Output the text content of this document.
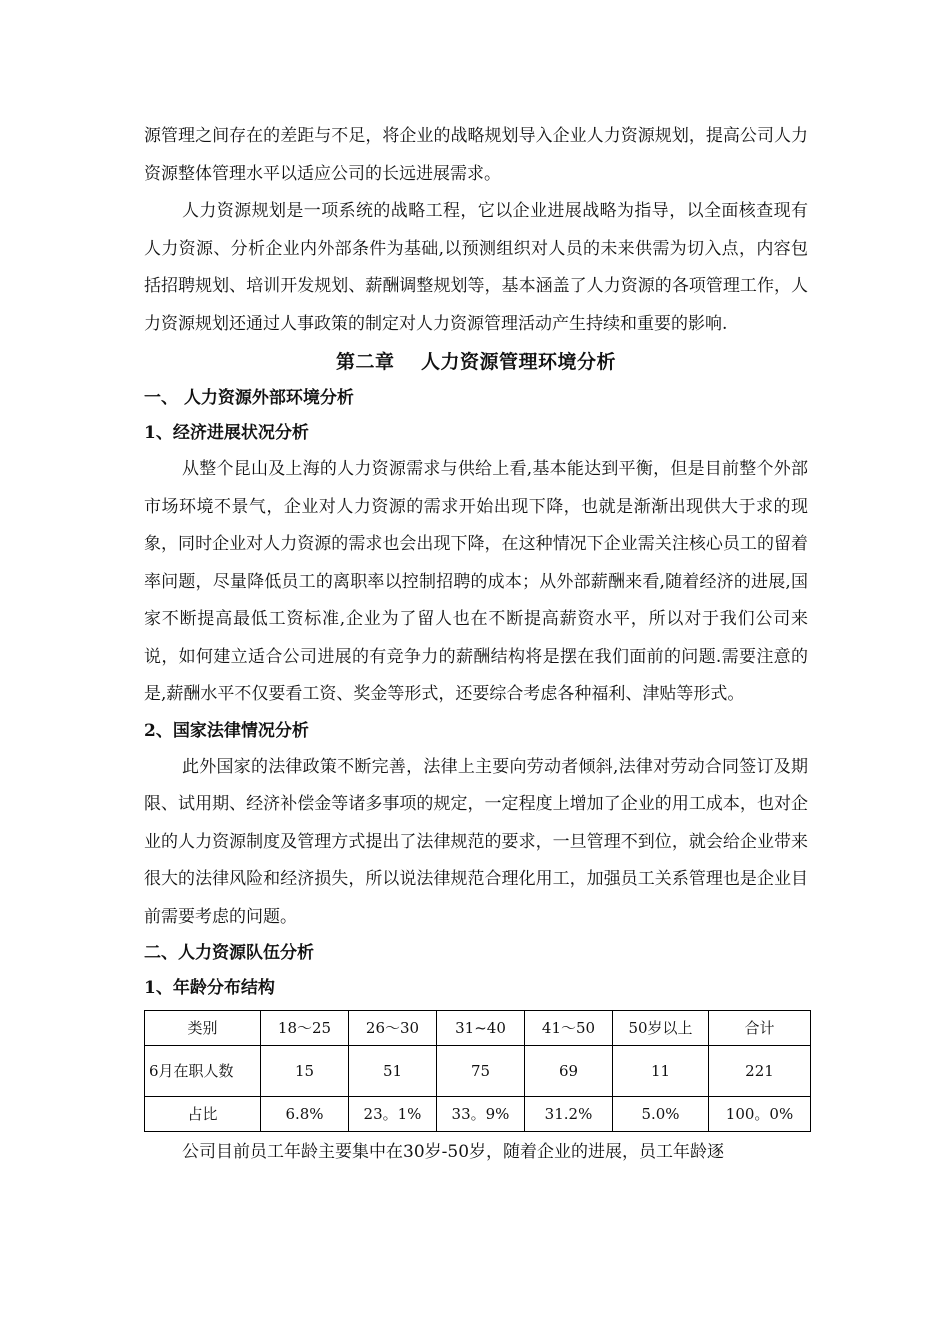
源管理之间存在的差距与不足，将企业的战略规划导入企业人力资源规划，提高公司人力资源整体管理水平以适应公司的长远进展需求。

人力资源规划是一项系统的战略工程，它以企业进展战略为指导，以全面核查现有人力资源、分析企业内外部条件为基础,以预测组织对人员的未来供需为切入点，内容包括招聘规划、培训开发规划、薪酬调整规划等，基本涵盖了人力资源的各项管理工作，人力资源规划还通过人事政策的制定对人力资源管理活动产生持续和重要的影响.

第二章　 人力资源管理环境分析
一、 人力资源外部环境分析
1、经济进展状况分析

从整个昆山及上海的人力资源需求与供给上看,基本能达到平衡，但是目前整个外部市场环境不景气，企业对人力资源的需求开始出现下降，也就是渐渐出现供大于求的现象，同时企业对人力资源的需求也会出现下降，在这种情况下企业需关注核心员工的留着率问题，尽量降低员工的离职率以控制招聘的成本；从外部薪酬来看,随着经济的进展,国家不断提高最低工资标准,企业为了留人也在不断提高薪资水平，所以对于我们公司来说，如何建立适合公司进展的有竞争力的薪酬结构将是摆在我们面前的问题.需要注意的是,薪酬水平不仅要看工资、奖金等形式，还要综合考虑各种福利、津贴等形式。

2、国家法律情况分析

此外国家的法律政策不断完善，法律上主要向劳动者倾斜,法律对劳动合同签订及期限、试用期、经济补偿金等诸多事项的规定，一定程度上增加了企业的用工成本，也对企业的人力资源制度及管理方式提出了法律规范的要求，一旦管理不到位，就会给企业带来很大的法律风险和经济损失，所以说法律规范合理化用工，加强员工关系管理也是企业目前需要考虑的问题。

二、人力资源队伍分析
1、年龄分布结构
类别	18～25	26～30	31~40	41～50	50岁以上	合计
6月在职人数	15	51	75	69	11	221
占比	6.8%	23。1%	33。9%	31.2%	5.0%	100。0%

公司目前员工年龄主要集中在30岁-50岁，随着企业的进展，员工年龄逐
